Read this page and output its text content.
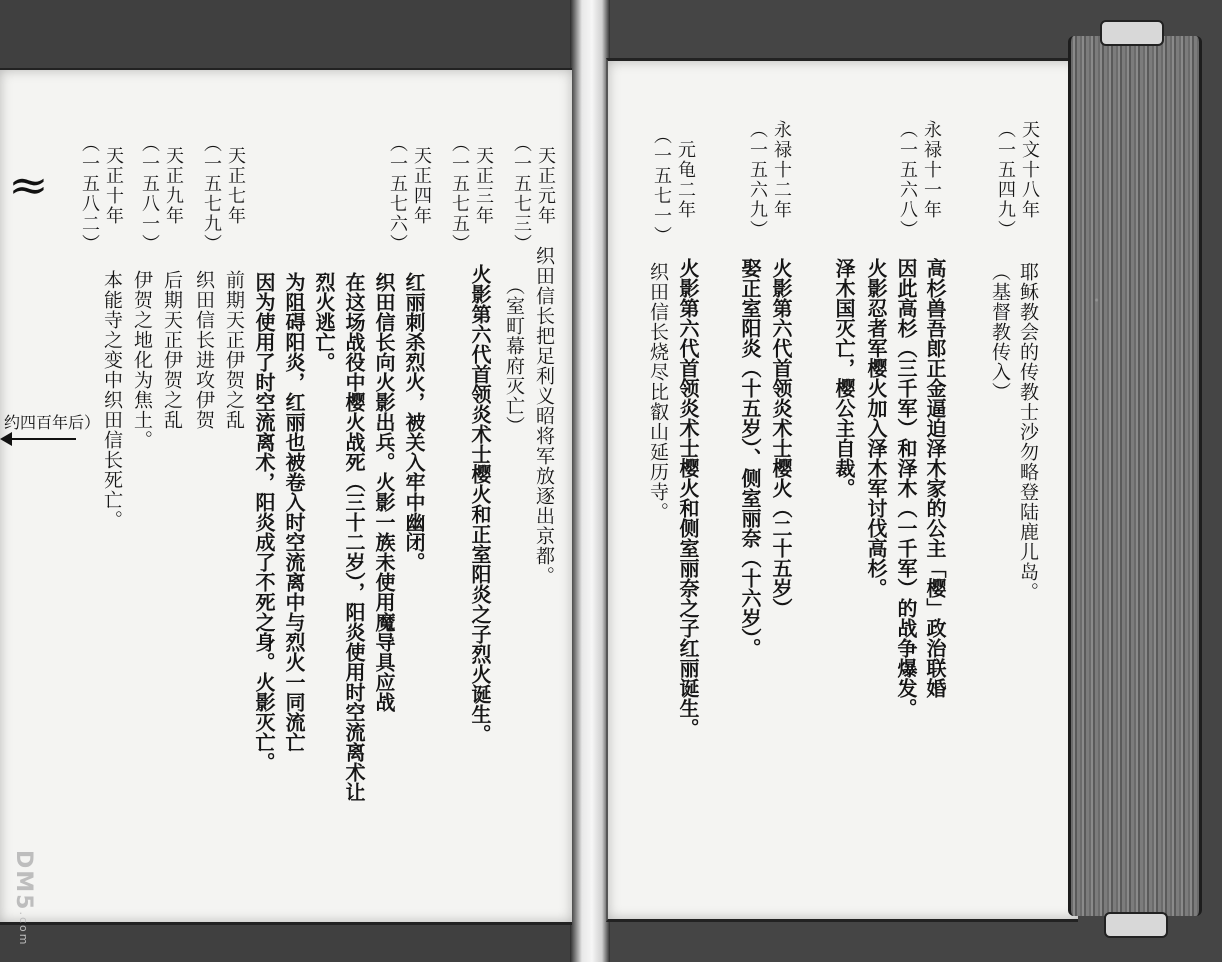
天文十八年
（一五四九）
耶稣教会的传教士沙勿略登陆鹿儿岛。
（基督教传入）
永禄十一年
（一五六八）
高杉兽吾郎正金逼迫泽木家的公主「樱」政治联婚
因此高杉（三千军）和泽木（一千军）的战争爆发。
火影忍者军樱火加入泽木军讨伐高杉。
泽木国灭亡，樱公主自裁。
永禄十二年
（一五六九）
火影第六代首领炎术士樱火（二十五岁）
娶正室阳炎（十五岁）、侧室丽奈（十六岁）。
元龟二年
（一五七一）
火影第六代首领炎术士樱火和侧室丽奈之子红丽诞生。
织田信长烧尽比叡山延历寺。
天正元年
（一五七三）
织田信长把足利义昭将军放逐出京都。
（室町幕府灭亡）
天正三年
（一五七五）
火影第六代首领炎术士樱火和正室阳炎之子烈火诞生。
天正四年
（一五七六）
红丽刺杀烈火，被关入牢中幽闭。
织田信长向火影出兵。火影一族未使用魔导具应战
在这场战役中樱火战死（三十二岁），阳炎使用时空流离术让
烈火逃亡。
为阻碍阳炎，红丽也被卷入时空流离中与烈火一同流亡
因为使用了时空流离术，阳炎成了不死之身。火影灭亡。
天正七年
（一五七九）
前期天正伊贺之乱
织田信长进攻伊贺
天正九年
（一五八一）
后期天正伊贺之乱
伊贺之地化为焦土。
天正十年
（一五八二）
本能寺之变中织田信长死亡。
≈
约四百年后）
DM5.com
